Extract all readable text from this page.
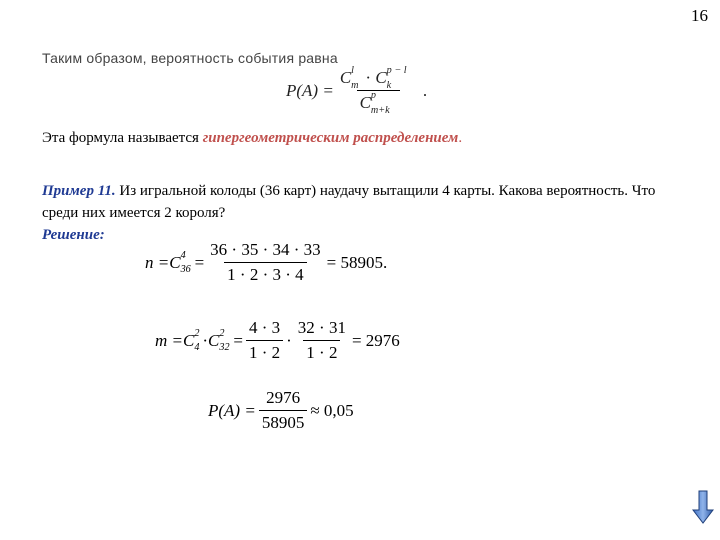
16
Таким образом, вероятность события равна
P(A) = C l
m · C p − l
k

C p
m+k
.
Эта формула называется гипергеометрическим распределением.
Пример 11. Из игральной колоды (36 карт) наудачу вытащили 4 карты. Какова вероятность. Что среди них имеется 2 короля?
Решение:
n = C 4
$36 = \frac{36 \cdot 35 \cdot 34 \cdot 33}{1 \cdot 2 \cdot 3 \cdot 4} = 58905$.
m = C 2
4 · C 2
$32 = \frac{4 \cdot 3}{1 \cdot 2} \cdot \frac{32 \cdot 31}{1 \cdot 2} = 2976$
$P(A) = \frac{2976}{58905} \approx 0,05$
